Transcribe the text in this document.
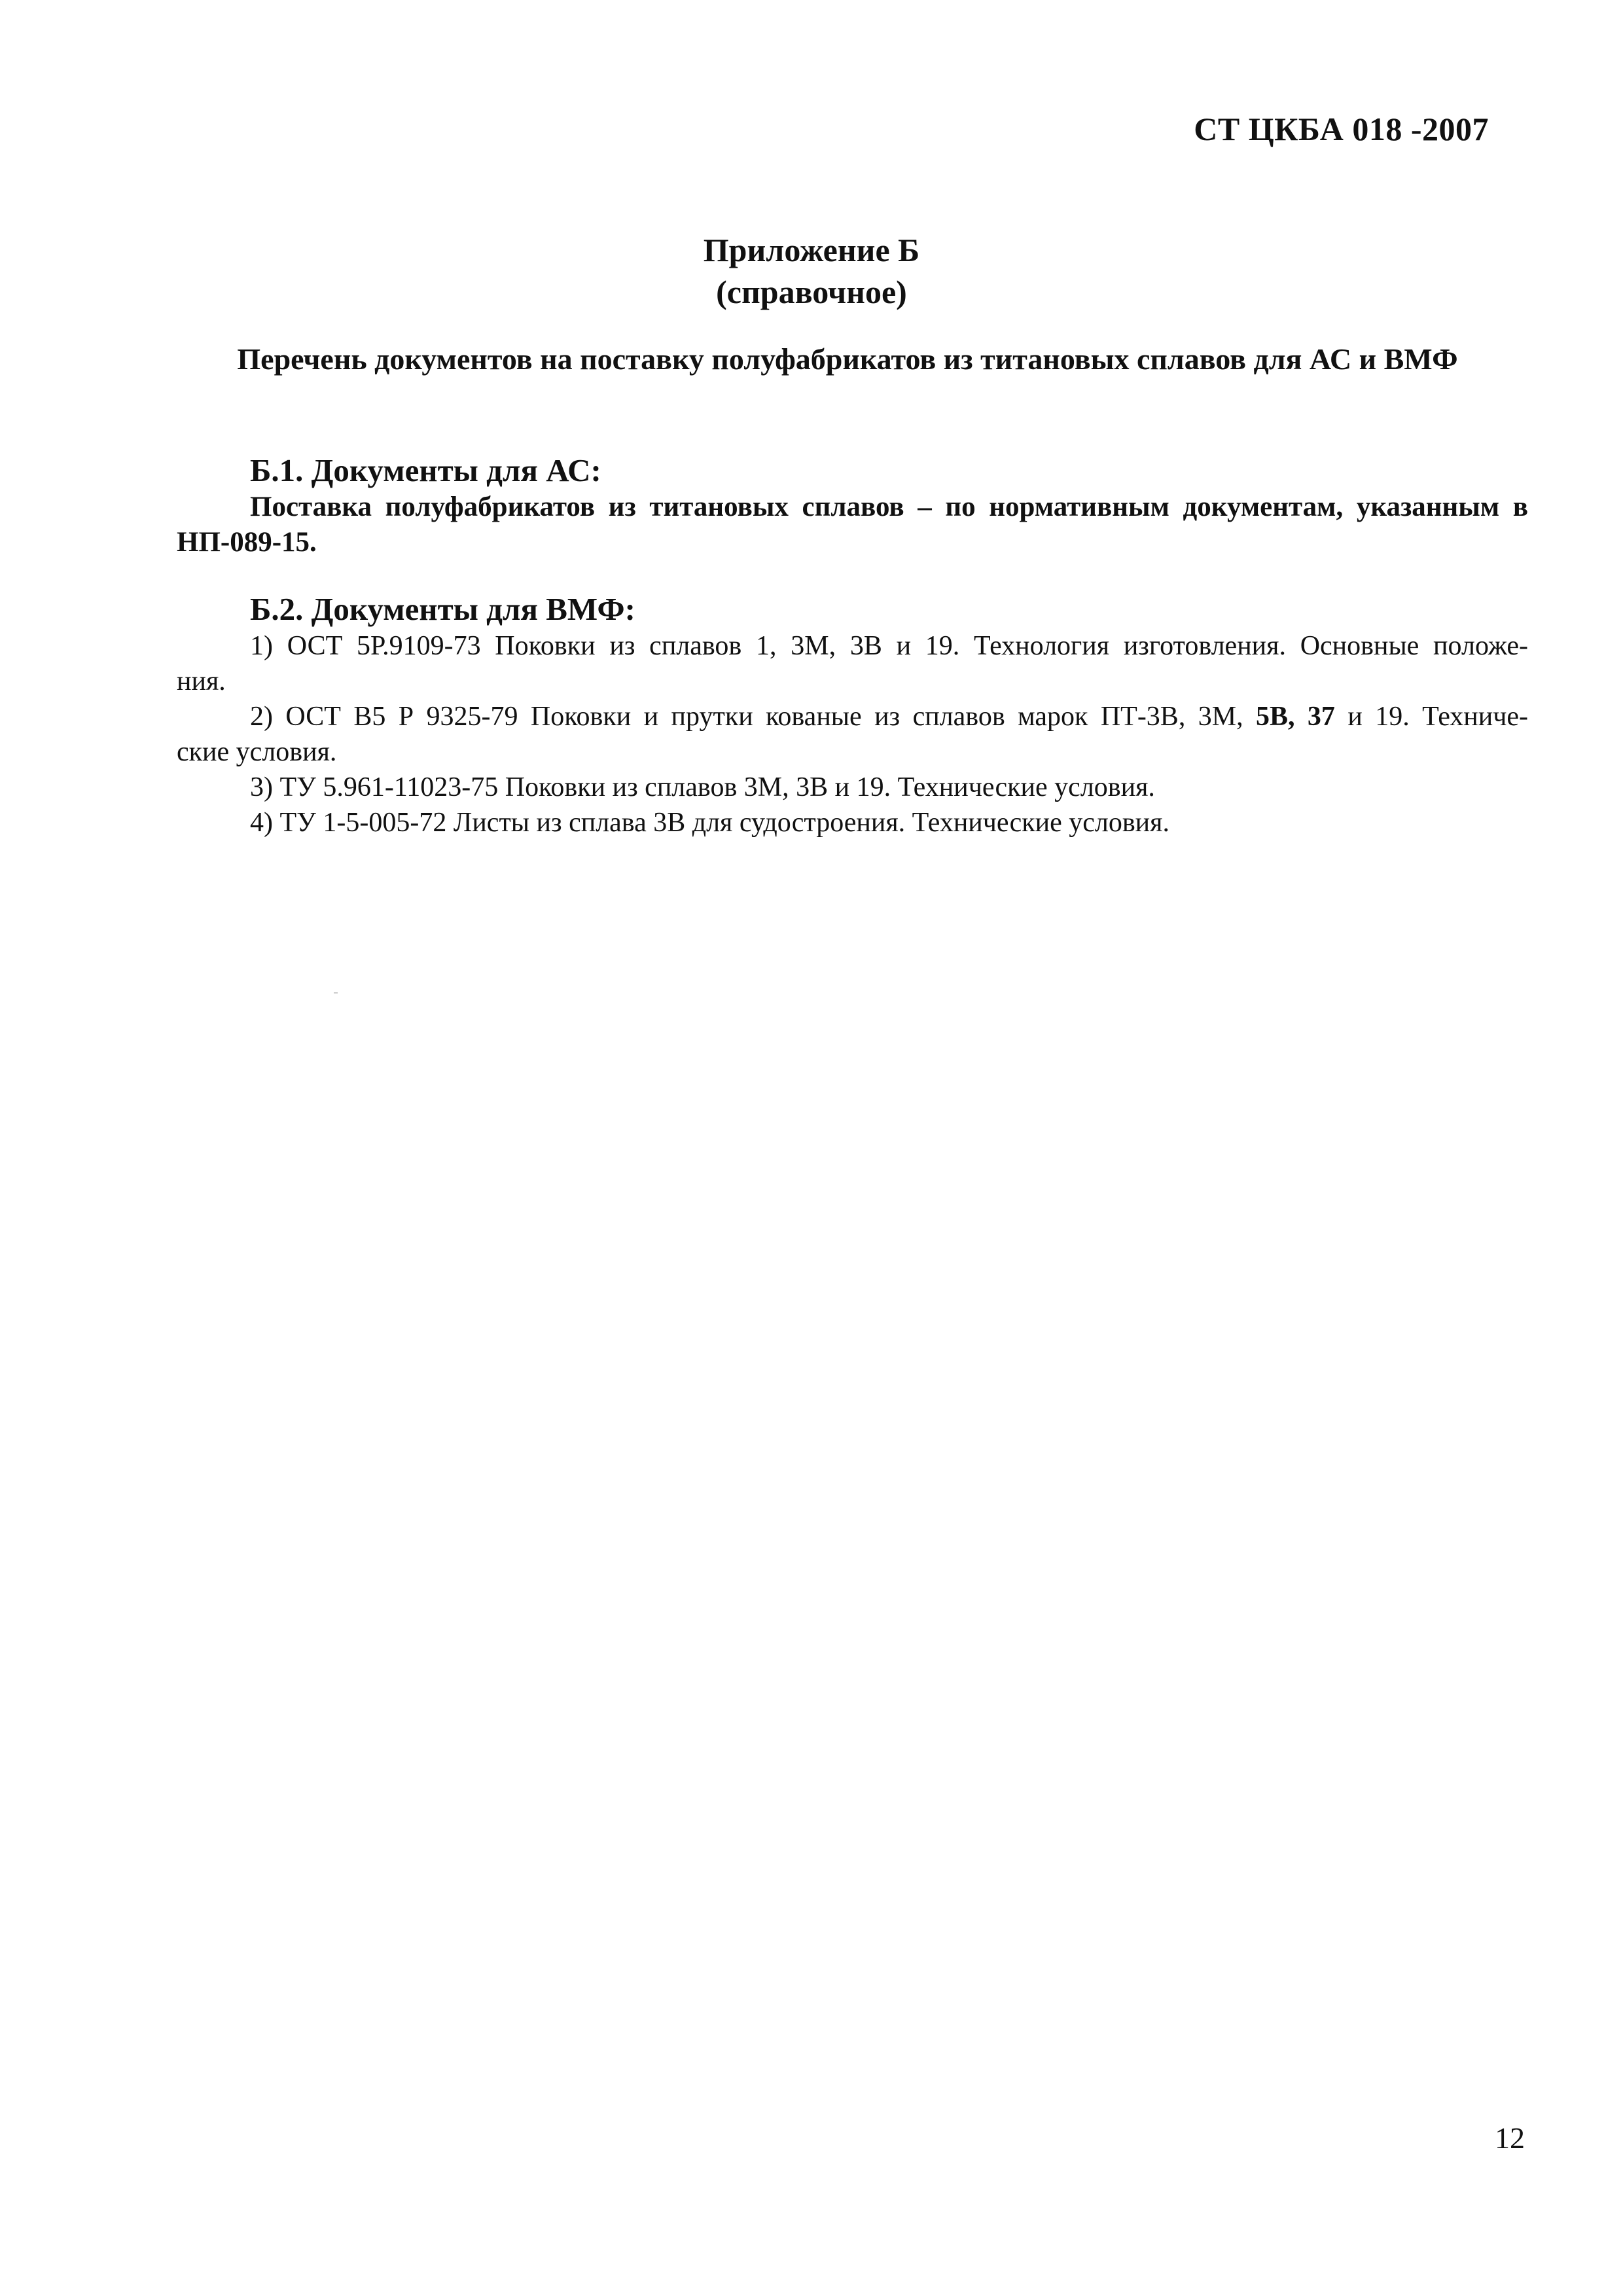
СТ ЦКБА 018 -2007
Приложение Б
(справочное)
Перечень документов на поставку полуфабрикатов из титановых сплавов для АС и ВМФ
Б.1. Документы для АС:
Поставка полуфабрикатов из титановых сплавов – по нормативным документам, указанным в
НП-089-15.
Б.2. Документы для ВМФ:
1) ОСТ 5Р.9109-73 Поковки из сплавов 1, 3М, 3В и 19. Технология изготовления. Основные положе-
ния.
2) ОСТ В5 Р 9325-79 Поковки и прутки кованые из сплавов марок ПТ-3В, 3М, 5В, 37 и 19. Техниче-
ские условия.
3) ТУ 5.961-11023-75 Поковки из сплавов 3М, 3В и 19. Технические условия.
4) ТУ 1-5-005-72 Листы из сплава 3В для судостроения. Технические условия.
12
